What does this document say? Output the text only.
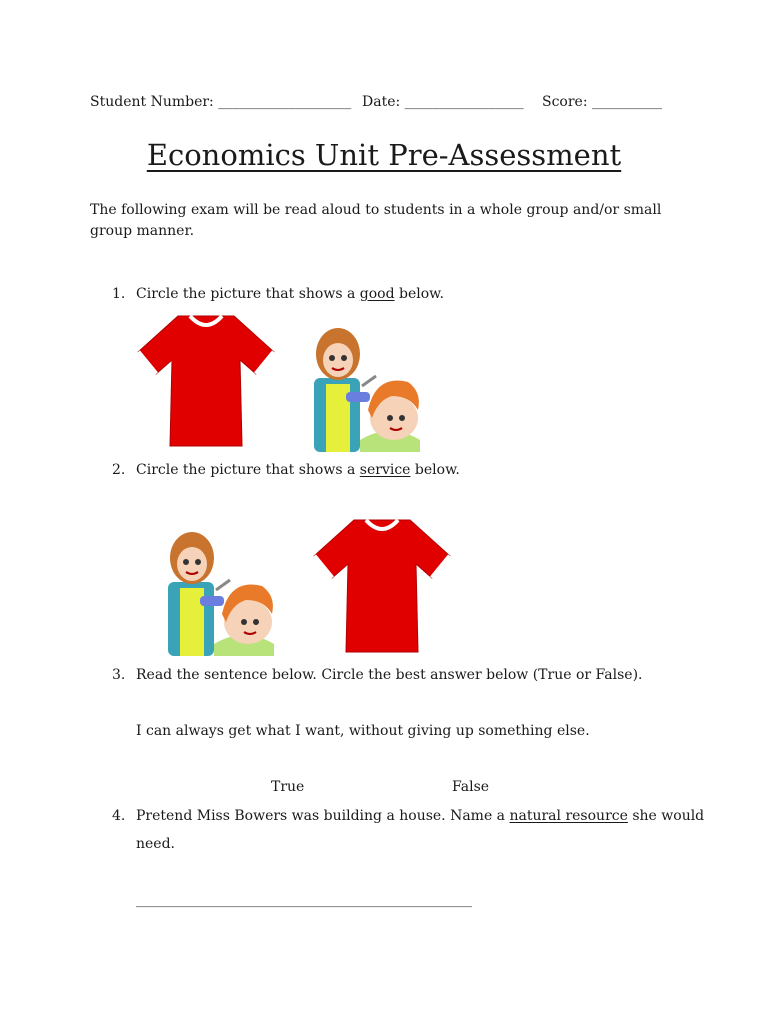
Student Number: ___________________ Date: _________________ Score: __________
Economics Unit Pre-Assessment
The following exam will be read aloud to students in a whole group and/or small group manner.
1. Circle the picture that shows a good below.
2. Circle the picture that shows a service below.
3. Read the sentence below. Circle the best answer below (True or False).
I can always get what I want, without giving up something else.
True	False
4. Pretend Miss Bowers was building a house. Name a natural resource she would
need.
________________________________________________
